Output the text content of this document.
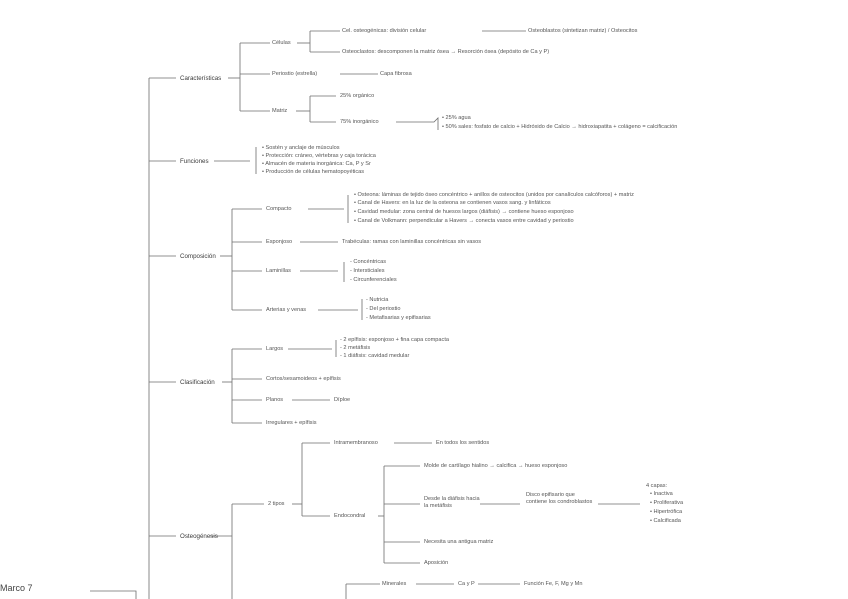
Características
Funciones
Composición
Clasificación
Osteogénesis
Células
Cel. osteogénicas: división celular	Osteoblastos (sintetizan matriz) / Osteocitos
Osteoclastos: descomponen la matriz ósea → Resorción ósea (depósito de Ca y P)
Periostio (estrella)	Capa fibrosa
Matriz
25% orgánico
75% inorgánico
• 25% agua
• 50% sales: fosfato de calcio + Hidróxido de Calcio → hidroxiapatita + colágeno = calcificación
• Sostén y anclaje de músculos
• Protección: cráneo, vértebras y caja torácica
• Almacén de materia inorgánica: Ca, P y Sr
• Producción de células hematopoyéticas
Compacto
• Osteona: láminas de tejido óseo concéntrico + anillos de osteocitos (unidos por canalículos calcóforos) + matriz
• Canal de Havers: en la luz de la osteona se contienen vasos sang. y linfáticos
• Cavidad medular: zona central de huesos largos (diáfisis) → contiene hueso esponjoso
• Canal de Volkmann: perpendicular a Havers → conecta vasos entre cavidad y periostio
Esponjoso	Trabéculas: ramas con laminillas concéntricas sin vasos
Laminillas
- Concéntricas
- Intersticiales
- Circunferenciales
Arterias y venas
- Nutricia
- Del periostio
- Metafisarias y epifisarias
Largos
- 2 epífisis: esponjoso + fina capa compacta
- 2 metáfisis
- 1 diáfisis: cavidad medular
Cortos/sesamoideos + epífisis
Planos	Díploe
Irregulares + epífisis
2 tipos
Intramembranoso	En todos los sentidos
Endocondral
Molde de cartílago hialino → calcifica → hueso esponjoso
Desde la diáfisis hacia la metáfisis
Disco epifisario que contiene los condroblastos
4 capas:
• Inactiva
• Proliferativa
• Hipertrófica
• Calcificada
Necesita una antigua matriz
Aposición
Minerales	Ca y P	Función Fe, F, Mg y Mn
Marco 7
